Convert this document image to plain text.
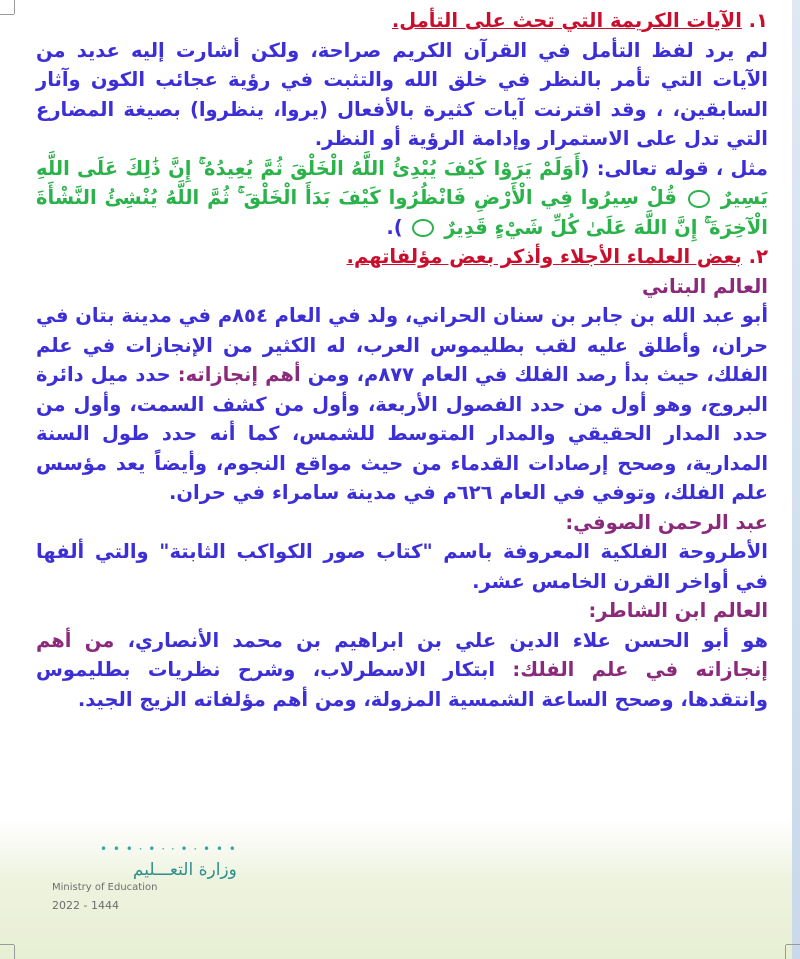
١. الآيات الكريمة التي تحث على التأمل.

لم يرد لفظ التأمل في القرآن الكريم صراحة، ولكن أشارت إليه عديد من الآيات التي تأمر بالنظر في خلق الله والتثبت في رؤية عجائب الكون وآثار السابقين، ، وقد اقترنت آيات كثيرة بالأفعال (يروا، ينظروا) بصيغة المضارع التي تدل على الاستمرار وإدامة الرؤية أو النظر.

مثل ، قوله تعالى: (أَوَلَمْ يَرَوْا كَيْفَ يُبْدِئُ اللَّهُ الْخَلْقَ ثُمَّ يُعِيدُهُ ۚ إِنَّ ذَٰلِكَ عَلَى اللَّهِ يَسِيرٌ  قُلْ سِيرُوا فِي الْأَرْضِ فَانْظُرُوا كَيْفَ بَدَأَ الْخَلْقَ ۚ ثُمَّ اللَّهُ يُنْشِئُ النَّشْأَةَ الْآخِرَةَ ۚ إِنَّ اللَّهَ عَلَىٰ كُلِّ شَيْءٍ قَدِيرٌ  ).

٢. بعض العلماء الأجلاء وأذكر بعض مؤلفاتهم.

العالم البتاني

أبو عبد الله بن جابر بن سنان الحراني، ولد في العام ٨٥٤م في مدينة بتان في حران، وأطلق عليه لقب بطليموس العرب، له الكثير من الإنجازات في علم الفلك، حيث بدأ رصد الفلك في العام ٨٧٧م، ومن أهم إنجازاته: حدد ميل دائرة البروج، وهو أول من حدد الفصول الأربعة، وأول من كشف السمت، وأول من حدد المدار الحقيقي والمدار المتوسط للشمس، كما أنه حدد طول السنة المدارية، وصحح إرصادات القدماء من حيث مواقع النجوم، وأيضاً يعد مؤسس علم الفلك، وتوفي في العام ٦٢٦م في مدينة سامراء في حران.

عبد الرحمن الصوفي:

الأطروحة الفلكية المعروفة باسم "كتاب صور الكواكب الثابتة" والتي ألفها في أواخر القرن الخامس عشر.

العالم ابن الشاطر:

هو أبو الحسن علاء الدين علي بن ابراهيم بن محمد الأنصاري، من أهم إنجازاته في علم الفلك: ابتكار الاسطرلاب، وشرح نظريات بطليموس وانتقدها، وصحح الساعة الشمسية المزولة، ومن أهم مؤلفاته الزيج الجيد.

• • • ⋅ • ⋅ ⋅ • ⋅ • • •
وزارة التعـــليم
Ministry of Education
2022 - 1444
